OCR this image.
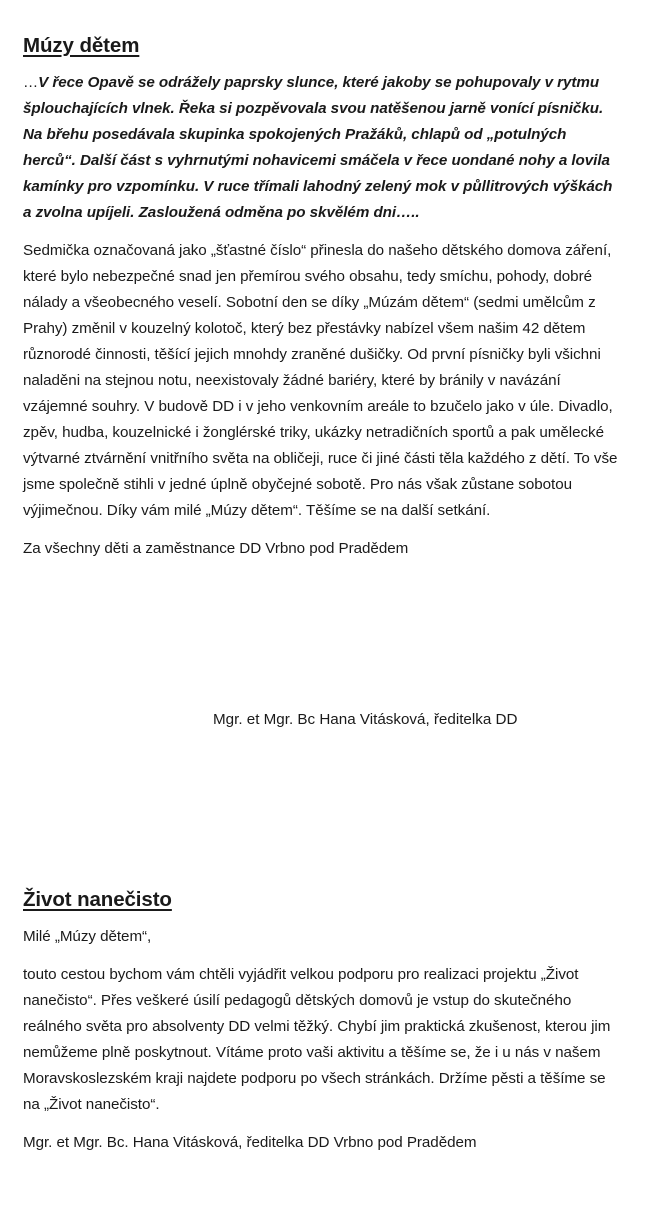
Múzy dětem

…V řece Opavě se odrážely paprsky slunce, které jakoby se pohupovaly v rytmu šplouchajících vlnek. Řeka si pozpěvovala svou natěšenou jarně vonící písničku. Na břehu posedávala skupinka spokojených Pražáků, chlapů od „potulných herců“. Další část s vyhrnutými nohavicemi smáčela v řece uondané nohy a lovila kamínky pro vzpomínku. V ruce třímali lahodný zelený mok v půllitrových výškách a zvolna upíjeli. Zasloužená odměna po skvělém dni…..

Sedmička označovaná jako „šťastné číslo“ přinesla do našeho dětského domova záření, které bylo nebezpečné snad jen přemírou svého obsahu, tedy smíchu, pohody, dobré nálady a všeobecného veselí. Sobotní den se díky „Múzám dětem“ (sedmi umělcům z Prahy) změnil v kouzelný kolotoč, který bez přestávky nabízel všem našim 42 dětem různorodé činnosti, těšící jejich mnohdy zraněné dušičky. Od první písničky byli všichni naladěni na stejnou notu, neexistovaly žádné bariéry, které by bránily v navázání vzájemné souhry. V budově DD i v jeho venkovním areále to bzučelo jako v úle. Divadlo, zpěv, hudba, kouzelnické i žonglérské triky, ukázky netradičních sportů a pak umělecké výtvarné ztvárnění vnitřního světa na obličeji, ruce či jiné části těla každého z dětí. To vše jsme společně stihli v jedné úplně obyčejné sobotě. Pro nás však zůstane sobotou výjimečnou. Díky vám milé „Múzy dětem“. Těšíme se na další setkání.

Za všechny děti a zaměstnance DD Vrbno pod Pradědem

Mgr. et Mgr. Bc Hana Vitásková, ředitelka DD
Život nanečisto

Milé „Múzy dětem“,

touto cestou bychom vám chtěli vyjádřit velkou podporu pro realizaci projektu „Život nanečisto“. Přes veškeré úsilí pedagogů dětských domovů je vstup do skutečného reálného světa pro absolventy DD velmi těžký. Chybí jim praktická zkušenost, kterou jim nemůžeme plně poskytnout. Vítáme proto vaši aktivitu a těšíme se, že i u nás v našem Moravskoslezském kraji najdete podporu po všech stránkách. Držíme pěsti a těšíme se na „Život nanečisto“.

Mgr. et Mgr. Bc. Hana Vitásková, ředitelka DD Vrbno pod Pradědem
